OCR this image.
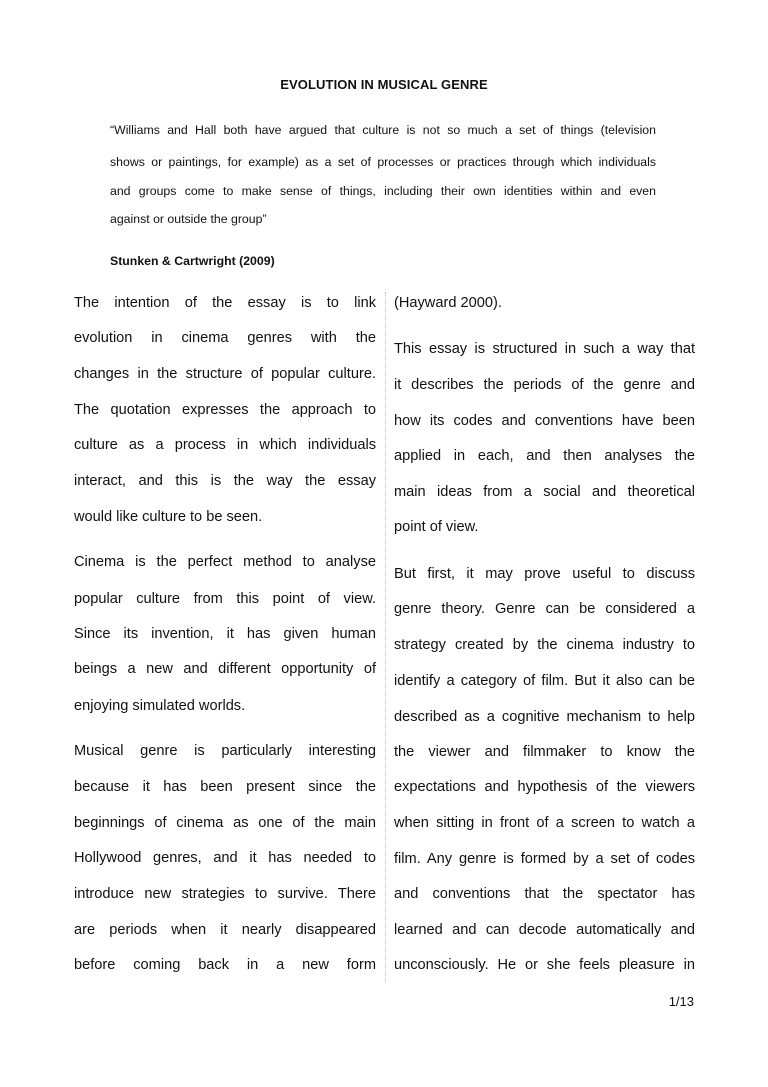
EVOLUTION IN MUSICAL GENRE
“Williams and Hall both have argued that culture is not so much a set of things (television
shows or paintings, for example) as a set of processes or practices through which individuals
and groups come to make sense of things, including their own identities within and even
against or outside the group”
Stunken & Cartwright (2009)
The intention of the essay is to link
evolution in cinema genres with the
changes in the structure of popular culture.
The quotation expresses the approach to
culture as a process in which individuals
interact, and this is the way the essay
would like culture to be seen.
Cinema is the perfect method to analyse
popular culture from this point of view.
Since its invention, it has given human
beings a new and different opportunity of
enjoying simulated worlds.
Musical genre is particularly interesting
because it has been present since the
beginnings of cinema as one of the main
Hollywood genres, and it has needed to
introduce new strategies to survive. There
are periods when it nearly disappeared
before coming back in a new form
(Hayward 2000).
This essay is structured in such a way that
it describes the periods of the genre and
how its codes and conventions have been
applied in each, and then analyses the
main ideas from a social and theoretical
point of view.
But first, it may prove useful to discuss
genre theory. Genre can be considered a
strategy created by the cinema industry to
identify a category of film. But it also can be
described as a cognitive mechanism to help
the viewer and filmmaker to know the
expectations and hypothesis of the viewers
when sitting in front of a screen to watch a
film. Any genre is formed by a set of codes
and conventions that the spectator has
learned and can decode automatically and
unconsciously. He or she feels pleasure in
1/13
